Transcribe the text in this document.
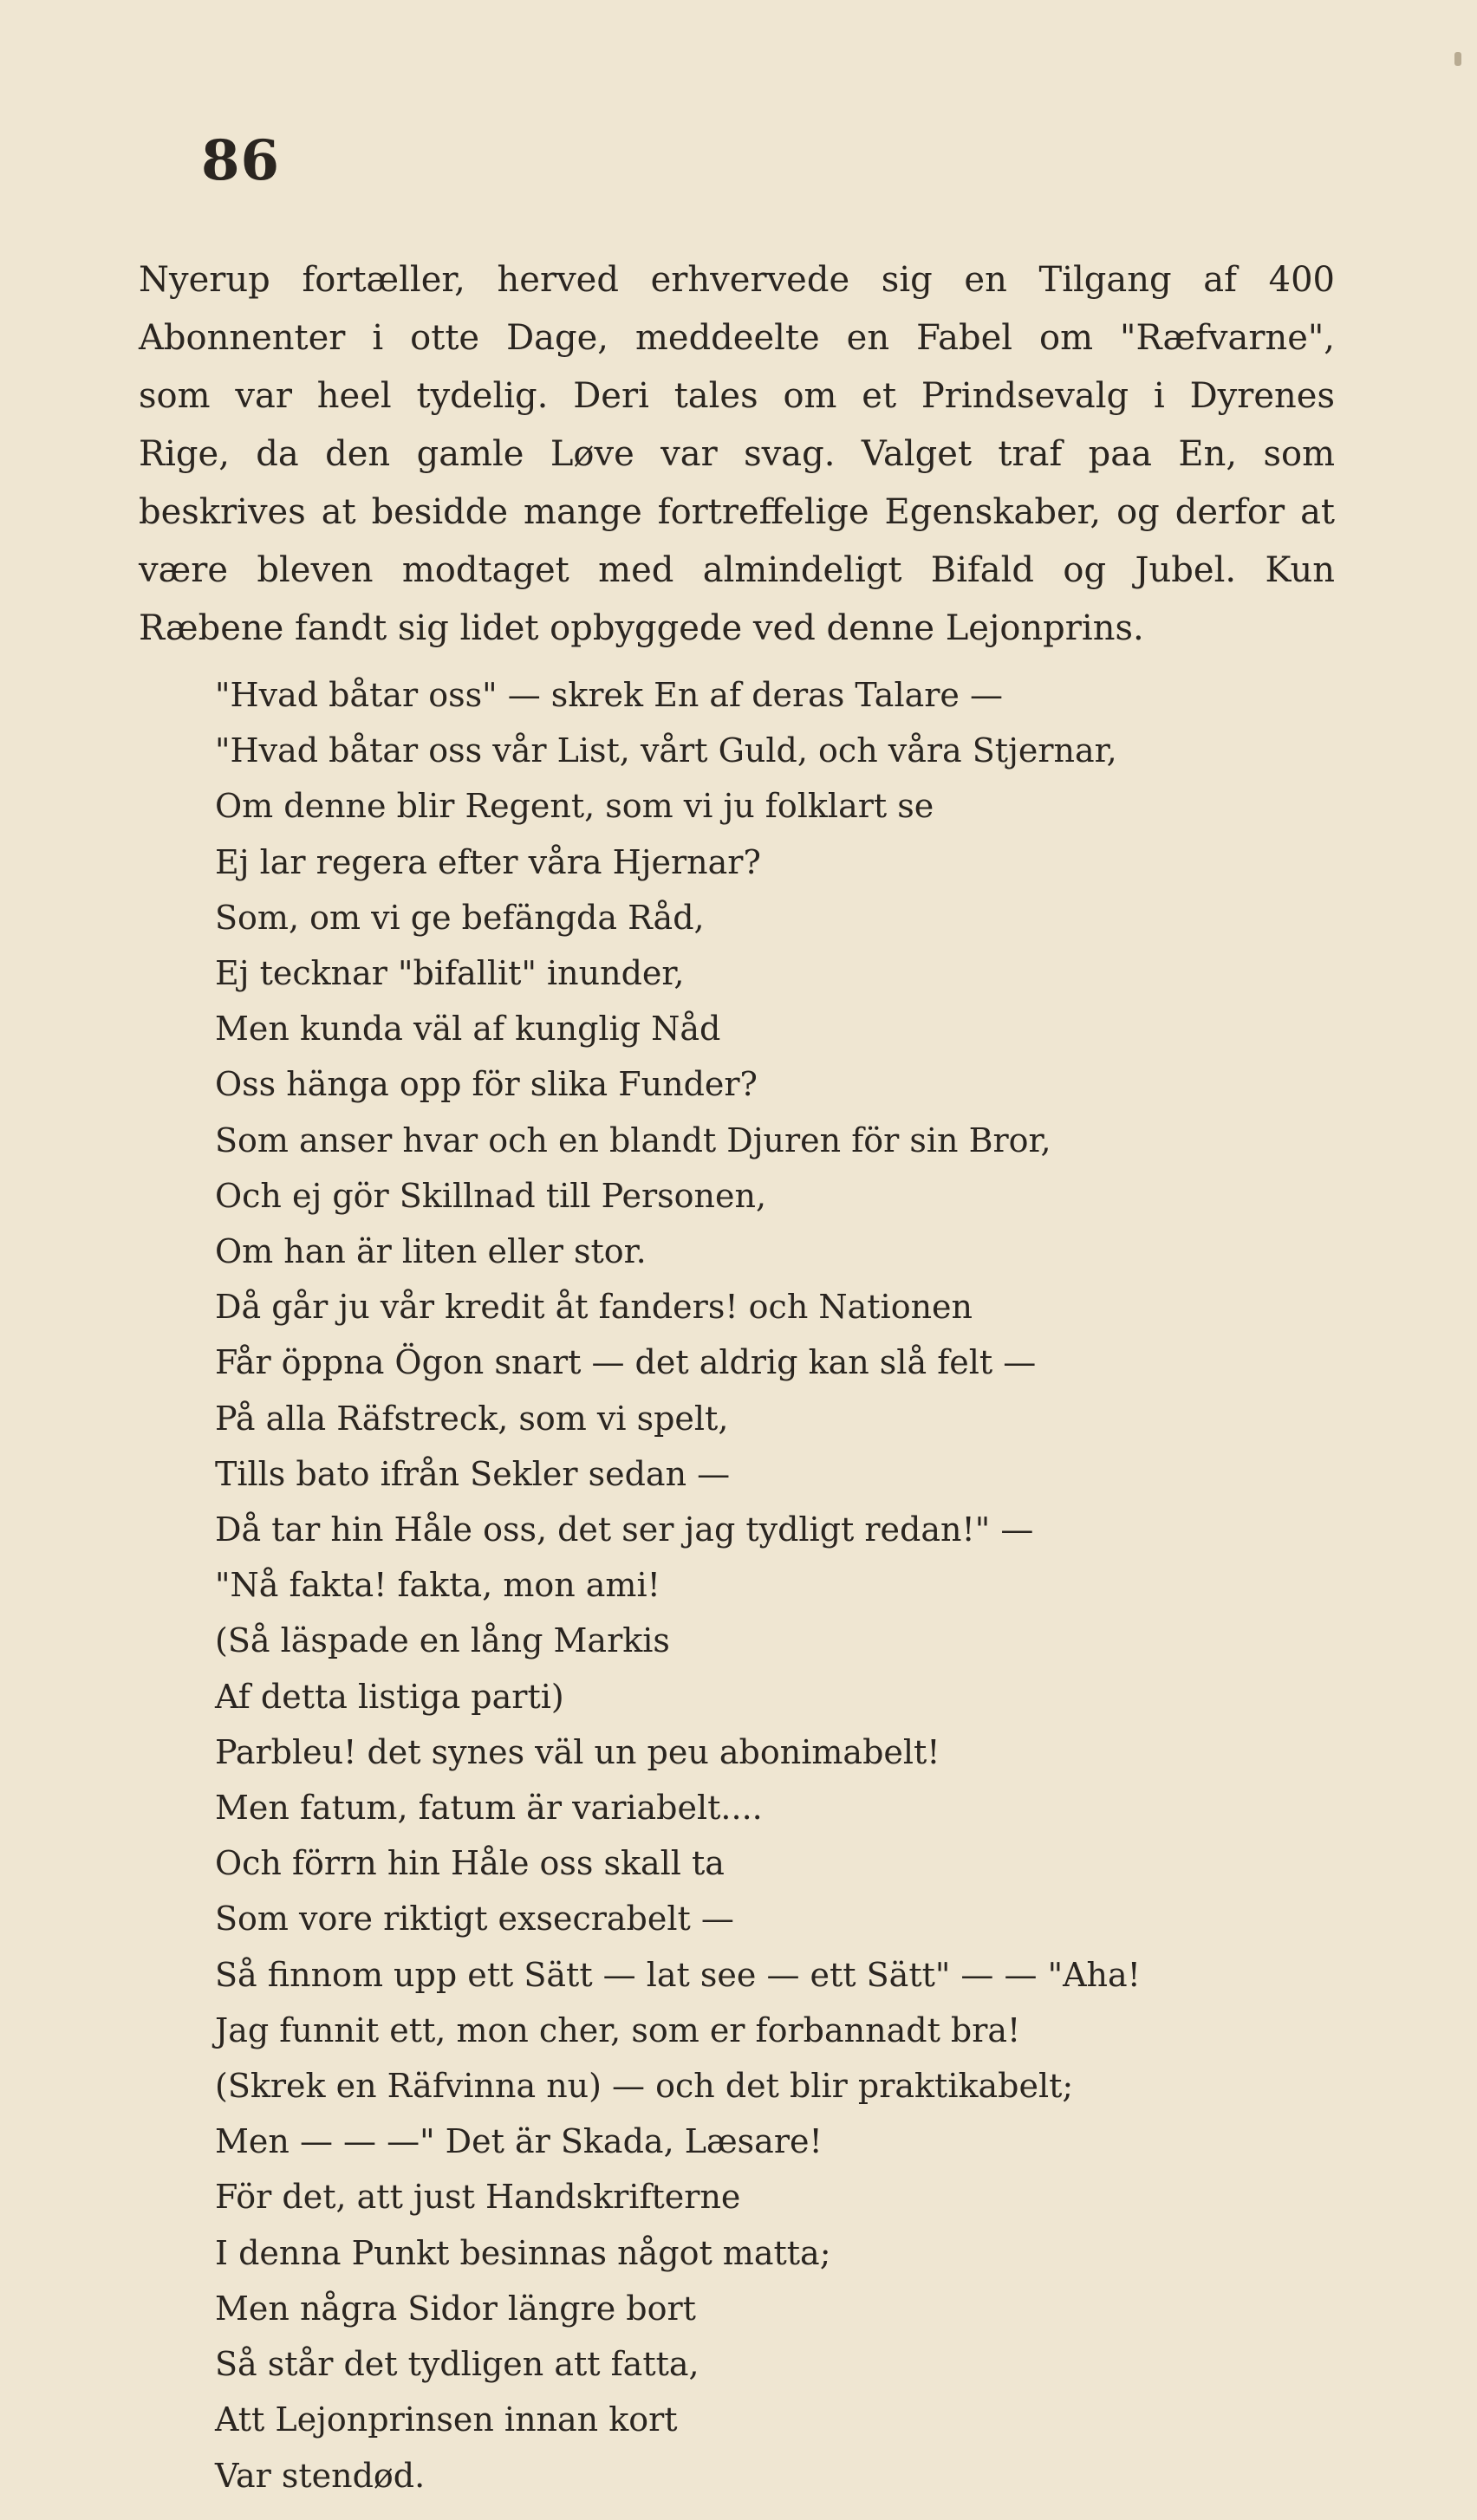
86
Nyerup fortæller, herved erhvervede sig en Tilgang af 400
Abonnenter i otte Dage, meddeelte en Fabel om "Ræfvarne",
som var heel tydelig. Deri tales om et Prindsevalg i Dyrenes
Rige, da den gamle Løve var svag. Valget traf paa En, som
beskrives at besidde mange fortreffelige Egenskaber, og derfor at
være bleven modtaget med almindeligt Bifald og Jubel. Kun
Ræbene fandt sig lidet opbyggede ved denne Lejonprins.
"Hvad båtar oss" — skrek En af deras Talare —
"Hvad båtar oss vår List, vårt Guld, och våra Stjernar,
Om denne blir Regent, som vi ju folklart se
Ej lar regera efter våra Hjernar?
Som, om vi ge befängda Råd,
Ej tecknar "bifallit" inunder,
Men kunda väl af kunglig Nåd
Oss hänga opp för slika Funder?
Som anser hvar och en blandt Djuren för sin Bror,
Och ej gör Skillnad till Personen,
Om han är liten eller stor.
Då går ju vår kredit åt fanders! och Nationen
Får öppna Ögon snart — det aldrig kan slå felt —
På alla Räfstreck, som vi spelt,
Tills bato ifrån Sekler sedan —
Då tar hin Håle oss, det ser jag tydligt redan!" —
"Nå fakta! fakta, mon ami!
(Så läspade en lång Markis
Af detta listiga parti)
Parbleu! det synes väl un peu abonimabelt!
Men fatum, fatum är variabelt....
Och förrn hin Håle oss skall ta
Som vore riktigt exsecrabelt —
Så finnom upp ett Sätt — lat see — ett Sätt" — — "Aha!
Jag funnit ett, mon cher, som er forbannadt bra!
(Skrek en Räfvinna nu) — och det blir praktikabelt;
Men — — —" Det är Skada, Læsare!
För det, att just Handskrifterne
I denna Punkt besinnas något matta;
Men några Sidor längre bort
Så står det tydligen att fatta,
Att Lejonprinsen innan kort
Var stendød.
